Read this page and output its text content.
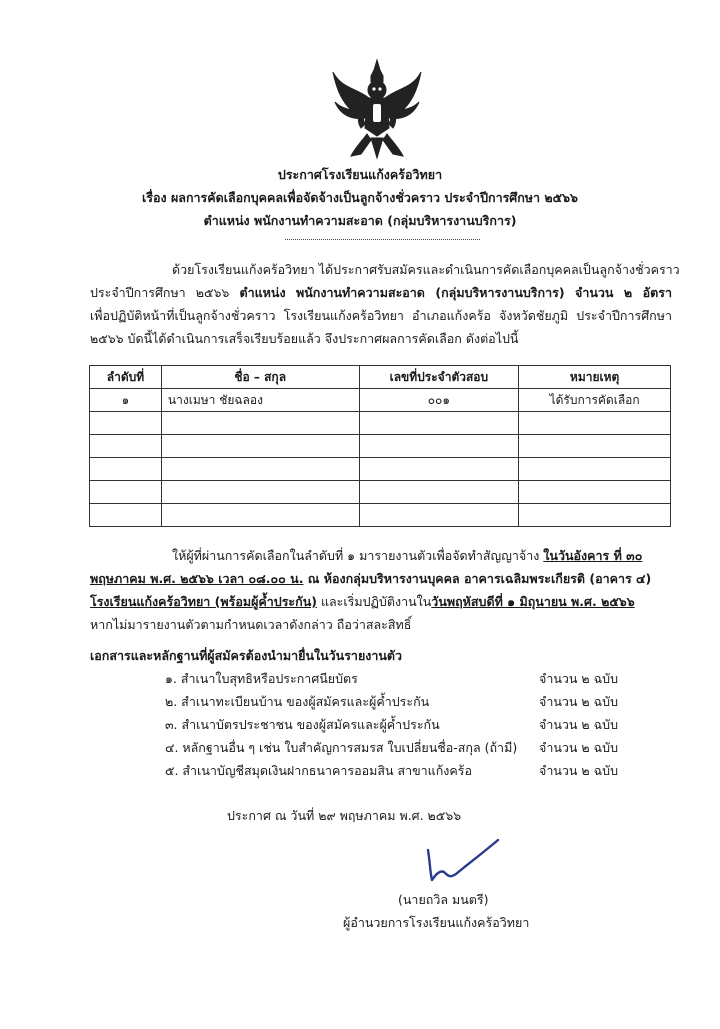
ประกาศโรงเรียนแก้งคร้อวิทยา
เรื่อง ผลการคัดเลือกบุคคลเพื่อจัดจ้างเป็นลูกจ้างชั่วคราว ประจำปีการศึกษา ๒๕๖๖
ตำแหน่ง พนักงานทำความสะอาด (กลุ่มบริหารงานบริการ)
ด้วยโรงเรียนแก้งคร้อวิทยา ได้ประกาศรับสมัครและดำเนินการคัดเลือกบุคคลเป็นลูกจ้างชั่วคราว
ประจำปีการศึกษา ๒๕๖๖ ตำแหน่ง พนักงานทำความสะอาด (กลุ่มบริหารงานบริการ) จำนวน ๒ อัตรา
เพื่อปฏิบัติหน้าที่เป็นลูกจ้างชั่วคราว โรงเรียนแก้งคร้อวิทยา อำเภอแก้งคร้อ จังหวัดชัยภูมิ ประจำปีการศึกษา
๒๕๖๖ บัดนี้ได้ดำเนินการเสร็จเรียบร้อยแล้ว จึงประกาศผลการคัดเลือก ดังต่อไปนี้
ลำดับที่	ชื่อ – สกุล	เลขที่ประจำตัวสอบ	หมายเหตุ
๑	นางเมษา ชัยฉลอง	๐๐๑	ได้รับการคัดเลือก

ให้ผู้ที่ผ่านการคัดเลือกในลำดับที่ ๑ มารายงานตัวเพื่อจัดทำสัญญาจ้าง ในวันอังคาร ที่ ๓๐
พฤษภาคม พ.ศ. ๒๕๖๖ เวลา ๐๘.๐๐ น. ณ ห้องกลุ่มบริหารงานบุคคล อาคารเฉลิมพระเกียรติ (อาคาร ๔)
โรงเรียนแก้งคร้อวิทยา (พร้อมผู้ค้ำประกัน) และเริ่มปฏิบัติงานในวันพฤหัสบดีที่ ๑ มิถุนายน พ.ศ. ๒๕๖๖
หากไม่มารายงานตัวตามกำหนดเวลาดังกล่าว ถือว่าสละสิทธิ์
เอกสารและหลักฐานที่ผู้สมัครต้องนำมายื่นในวันรายงานตัว
๑. สำเนาใบสุทธิหรือประกาศนียบัตร	จำนวน ๒ ฉบับ
๒. สำเนาทะเบียนบ้าน ของผู้สมัครและผู้ค้ำประกัน	จำนวน ๒ ฉบับ
๓. สำเนาบัตรประชาชน ของผู้สมัครและผู้ค้ำประกัน	จำนวน ๒ ฉบับ
๔. หลักฐานอื่น ๆ เช่น ใบสำคัญการสมรส ใบเปลี่ยนชื่อ-สกุล (ถ้ามี) จำนวน ๒ ฉบับ
๕. สำเนาบัญชีสมุดเงินฝากธนาคารออมสิน สาขาแก้งคร้อ	จำนวน ๒ ฉบับ
ประกาศ ณ วันที่ ๒๙ พฤษภาคม พ.ศ. ๒๕๖๖
(นายถวิล มนตรี)
ผู้อำนวยการโรงเรียนแก้งคร้อวิทยา
